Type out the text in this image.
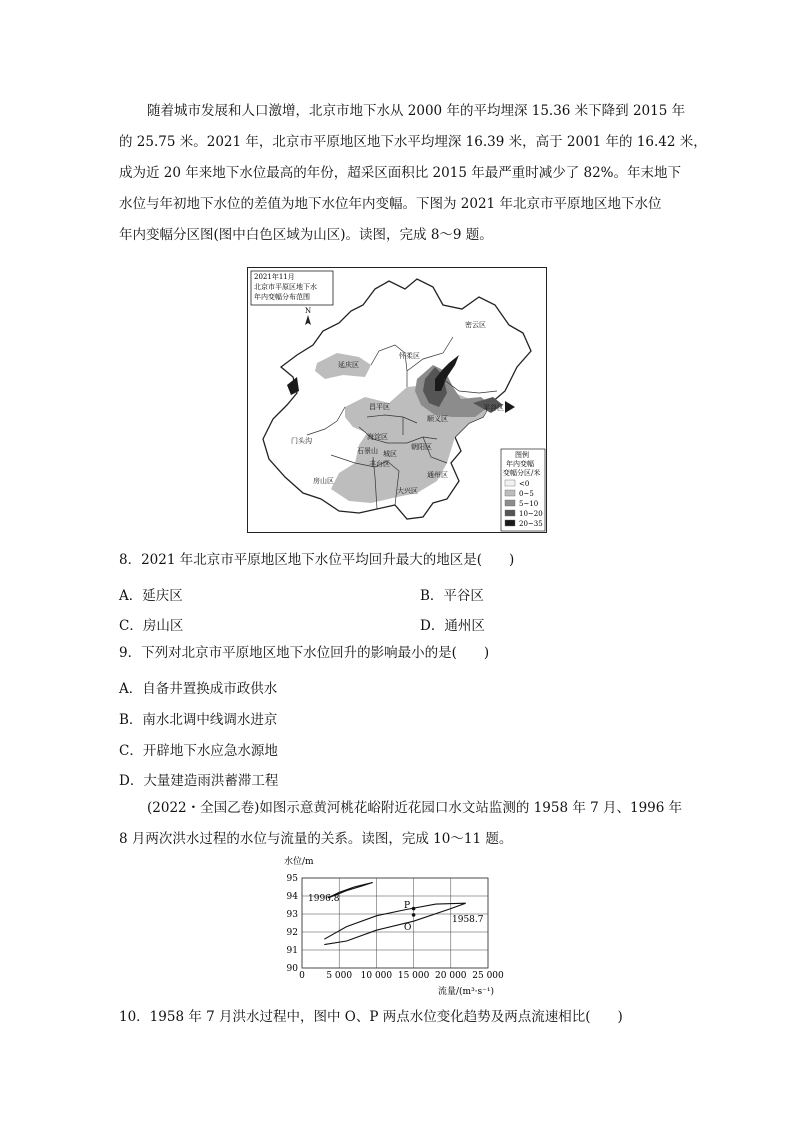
随着城市发展和人口激增，北京市地下水从 2000 年的平均埋深 15.36 米下降到 2015 年

的 25.75 米。2021 年，北京市平原地区地下水平均埋深 16.39 米，高于 2001 年的 16.42 米，

成为近 20 年来地下水位最高的年份，超采区面积比 2015 年最严重时减少了 82%。年末地下

水位与年初地下水位的差值为地下水位年内变幅。下图为 2021 年北京市平原地区地下水位

年内变幅分区图(图中白色区域为山区)。读图，完成 8～9 题。

2021年11月
北京市平原区地下水
年内变幅分布范围
N
延庆区
怀柔区
密云区
平谷区
顺义区
昌平区
门头沟	海淀区
石景山 城区
朝阳区
丰台区
通州区
房山区
大兴区
图例
年内变幅
变幅分区/米
<0
0~5
5~10
10~20
20~35

8．2021 年北京市平原地区地下水位平均回升最大的地区是(　　)

A．延庆区	B．平谷区
C．房山区	D．通州区

9．下列对北京市平原地区地下水位回升的影响最小的是(　　)

A．自备井置换成市政供水
B．南水北调中线调水进京
C．开辟地下水应急水源地
D．大量建造雨洪蓄滞工程

(2022・全国乙卷)如图示意黄河桃花峪附近花园口水文站监测的 1958 年 7 月、1996 年

8 月两次洪水过程的水位与流量的关系。读图，完成 10～11 题。

水位/m
0 5 000 10 000 15 000 20 000 25 000
90
91
92
93
94
95
流量/(m³·s⁻¹)
1996.8
1958.7
P
O

10．1958 年 7 月洪水过程中，图中 O、P 两点水位变化趋势及两点流速相比(　　)
